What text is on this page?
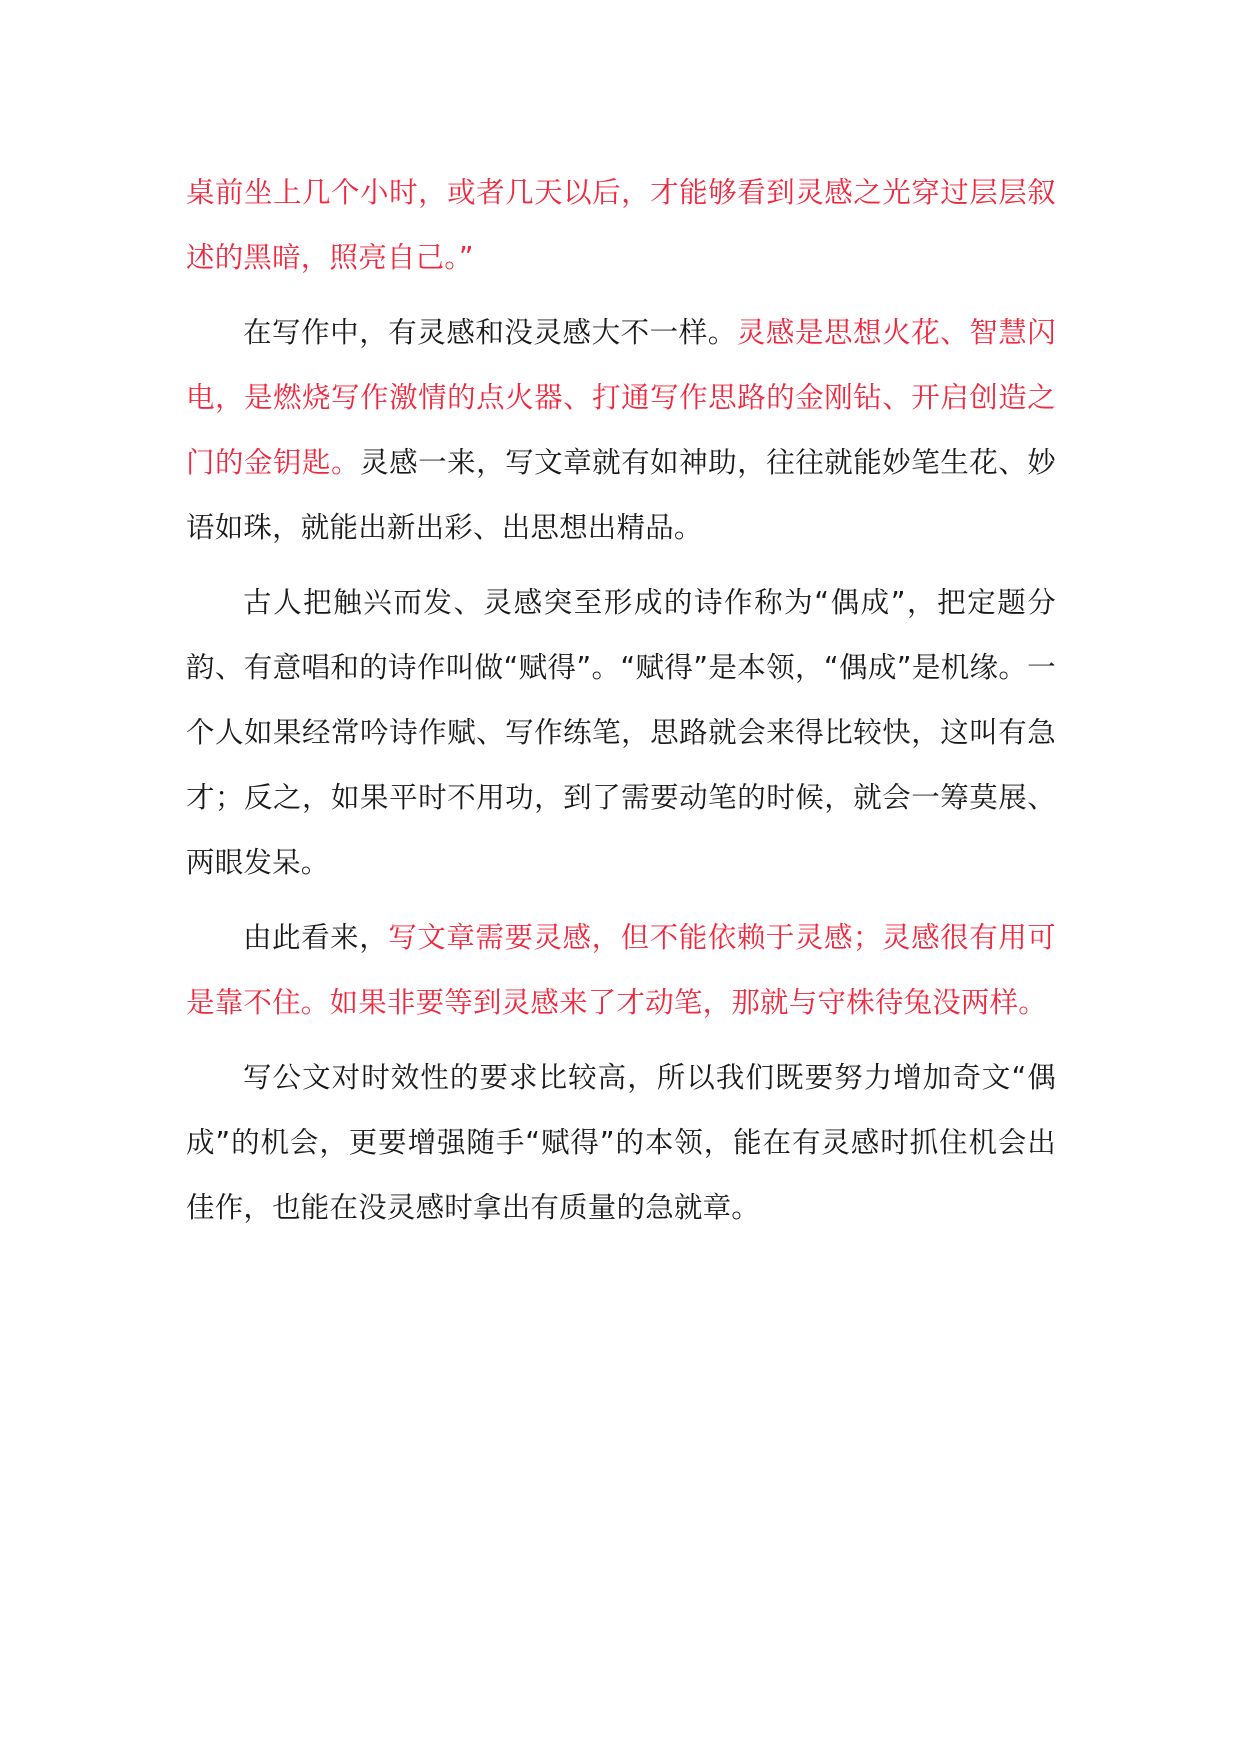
桌前坐上几个小时，或者几天以后，才能够看到灵感之光穿过层层叙述的黑暗，照亮自己。”

在写作中，有灵感和没灵感大不一样。灵感是思想火花、智慧闪电，是燃烧写作激情的点火器、打通写作思路的金刚钻、开启创造之门的金钥匙。灵感一来，写文章就有如神助，往往就能妙笔生花、妙语如珠，就能出新出彩、出思想出精品。

古人把触兴而发、灵感突至形成的诗作称为“偶成”，把定题分韵、有意唱和的诗作叫做“赋得”。“赋得”是本领，“偶成”是机缘。一个人如果经常吟诗作赋、写作练笔，思路就会来得比较快，这叫有急才；反之，如果平时不用功，到了需要动笔的时候，就会一筹莫展、两眼发呆。

由此看来，写文章需要灵感，但不能依赖于灵感；灵感很有用可是靠不住。如果非要等到灵感来了才动笔，那就与守株待兔没两样。

写公文对时效性的要求比较高，所以我们既要努力增加奇文“偶成”的机会，更要增强随手“赋得”的本领，能在有灵感时抓住机会出佳作，也能在没灵感时拿出有质量的急就章。
